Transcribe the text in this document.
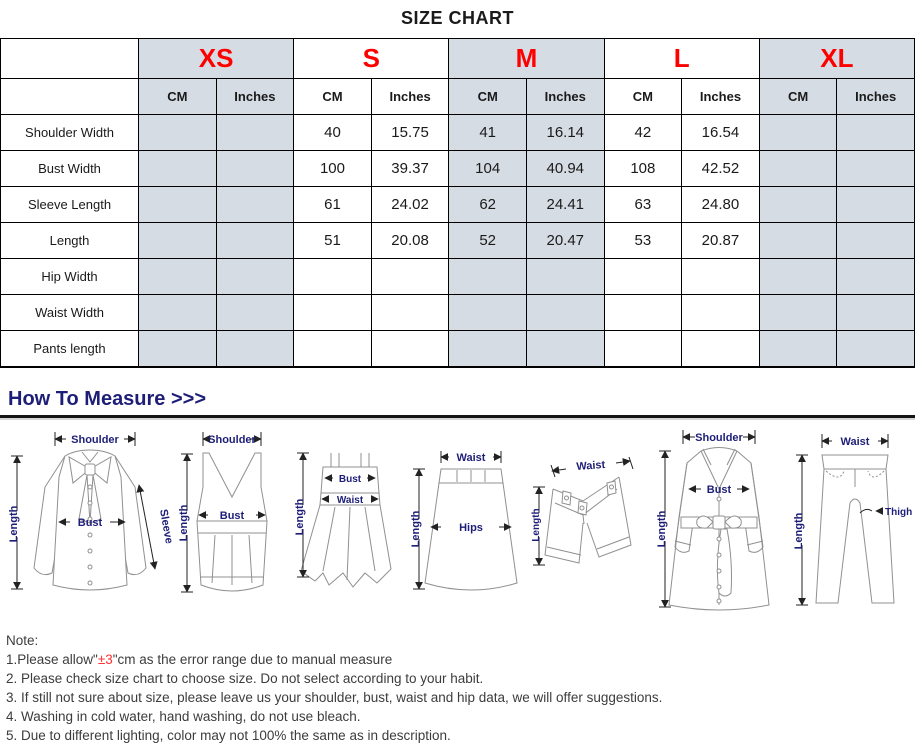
SIZE CHART
	XS		S		M		L		XL	
	CM	Inches	CM	Inches	CM	Inches	CM	Inches	CM	Inches
Shoulder Width			40	15.75	41	16.14	42	16.54		
Bust Width			100	39.37	104	40.94	108	42.52		
Sleeve Length			61	24.02	62	24.41	63	24.80		
Length			51	20.08	52	20.47	53	20.87		
Hip Width										
Waist Width										
Pants length										
How To Measure >>>
Shoulder
Bust
Length	Sleeve
Shoulder
Bust
Length
Bust
Waist
Length
Waist
Hips
Length
Waist
Length
Shoulder
Bust
Length
Waist
Thigh
Length
Note:
1.Please allow"±3"cm as the error range due to manual measure
2. Please check size chart to choose size. Do not select according to your habit.
3. If still not sure about size, please leave us your shoulder, bust, waist and hip data, we will offer suggestions.
4. Washing in cold water, hand washing, do not use bleach.
5. Due to different lighting, color may not 100% the same as in description.
